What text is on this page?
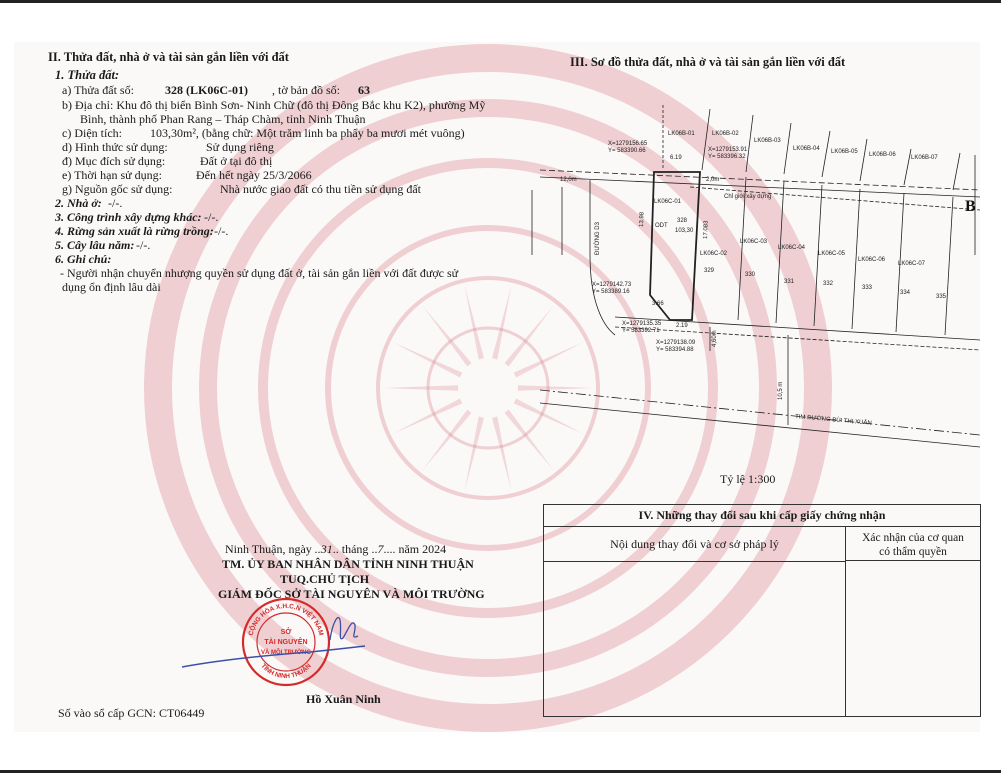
II. Thửa đất, nhà ở và tài sản gắn liền với đất
1. Thửa đất:
a) Thửa đất số:	328 (LK06C-01) , tờ bản đồ số: 63
b) Địa chỉ: Khu đô thị biển Bình Sơn- Ninh Chữ (đô thị Đông Bắc khu K2), phường Mỹ
Bình, thành phố Phan Rang – Tháp Chàm, tỉnh Ninh Thuận
c) Diện tích: 103,30m², (bằng chữ: Một trăm linh ba phẩy ba mươi mét vuông)
d) Hình thức sử dụng:	Sử dụng riêng
đ) Mục đích sử dụng:	Đất ở tại đô thị
e) Thời hạn sử dụng:	Đến hết ngày 25/3/2066
g) Nguồn gốc sử dụng:	Nhà nước giao đất có thu tiền sử dụng đất
2. Nhà ở: -/-.
3. Công trình xây dựng khác: -/-.
4. Rừng sản xuất là rừng trồng: -/-.
5. Cây lâu năm: -/-.
6. Ghi chú:
- Người nhận chuyển nhượng quyền sử dụng đất ở, tài sản gắn liền với đất được sử
dụng ổn định lâu dài
Ninh Thuận, ngày ..31.. tháng ..7.... năm 2024
TM. ỦY BAN NHÂN DÂN TỈNH NINH THUẬN
TUQ.CHỦ TỊCH
GIÁM ĐỐC SỞ TÀI NGUYÊN VÀ MÔI TRƯỜNG
Hồ Xuân Ninh
Số vào sổ cấp GCN: CT06449
CỘNG HÒA X.H.C.N VIỆT NAM
TỈNH NINH THUẬN
SỞ
TÀI NGUYÊN
VÀ MÔI TRƯỜNG
III. Sơ đồ thửa đất, nhà ở và tài sản gắn liền với đất
LK06B-01	LK06B-02
LK06B-03
LK06B-04 LK06B-05 LK06B-06	LK06B-07
X=1279156.65
Y= 583390.66	X=1279153.91
Y= 583396.32
6.19
2,0m
Chỉ giới xây dựng
12,0m
LK06C-01
ODT
328
103,30
13.98
17.083
ĐƯỜNG D3
X=1279142.73
Y= 583389.16
3.66
X=1279135.35
Y= 583392.71
2.19
X=1279138.09
Y= 583394.88
4,60m
LK06C-02
LK06C-03
LK06C-04
LK06C-05
LK06C-06
LK06C-07
329
330
331	332
333
334
335
10,5 m
TIM ĐƯỜNG BÙI THỊ XUÂN
B
Tỷ lệ 1:300
IV. Những thay đổi sau khi cấp giấy chứng nhận
Nội dung thay đổi và cơ sở pháp lý	Xác nhận của cơ quan
có thẩm quyền
